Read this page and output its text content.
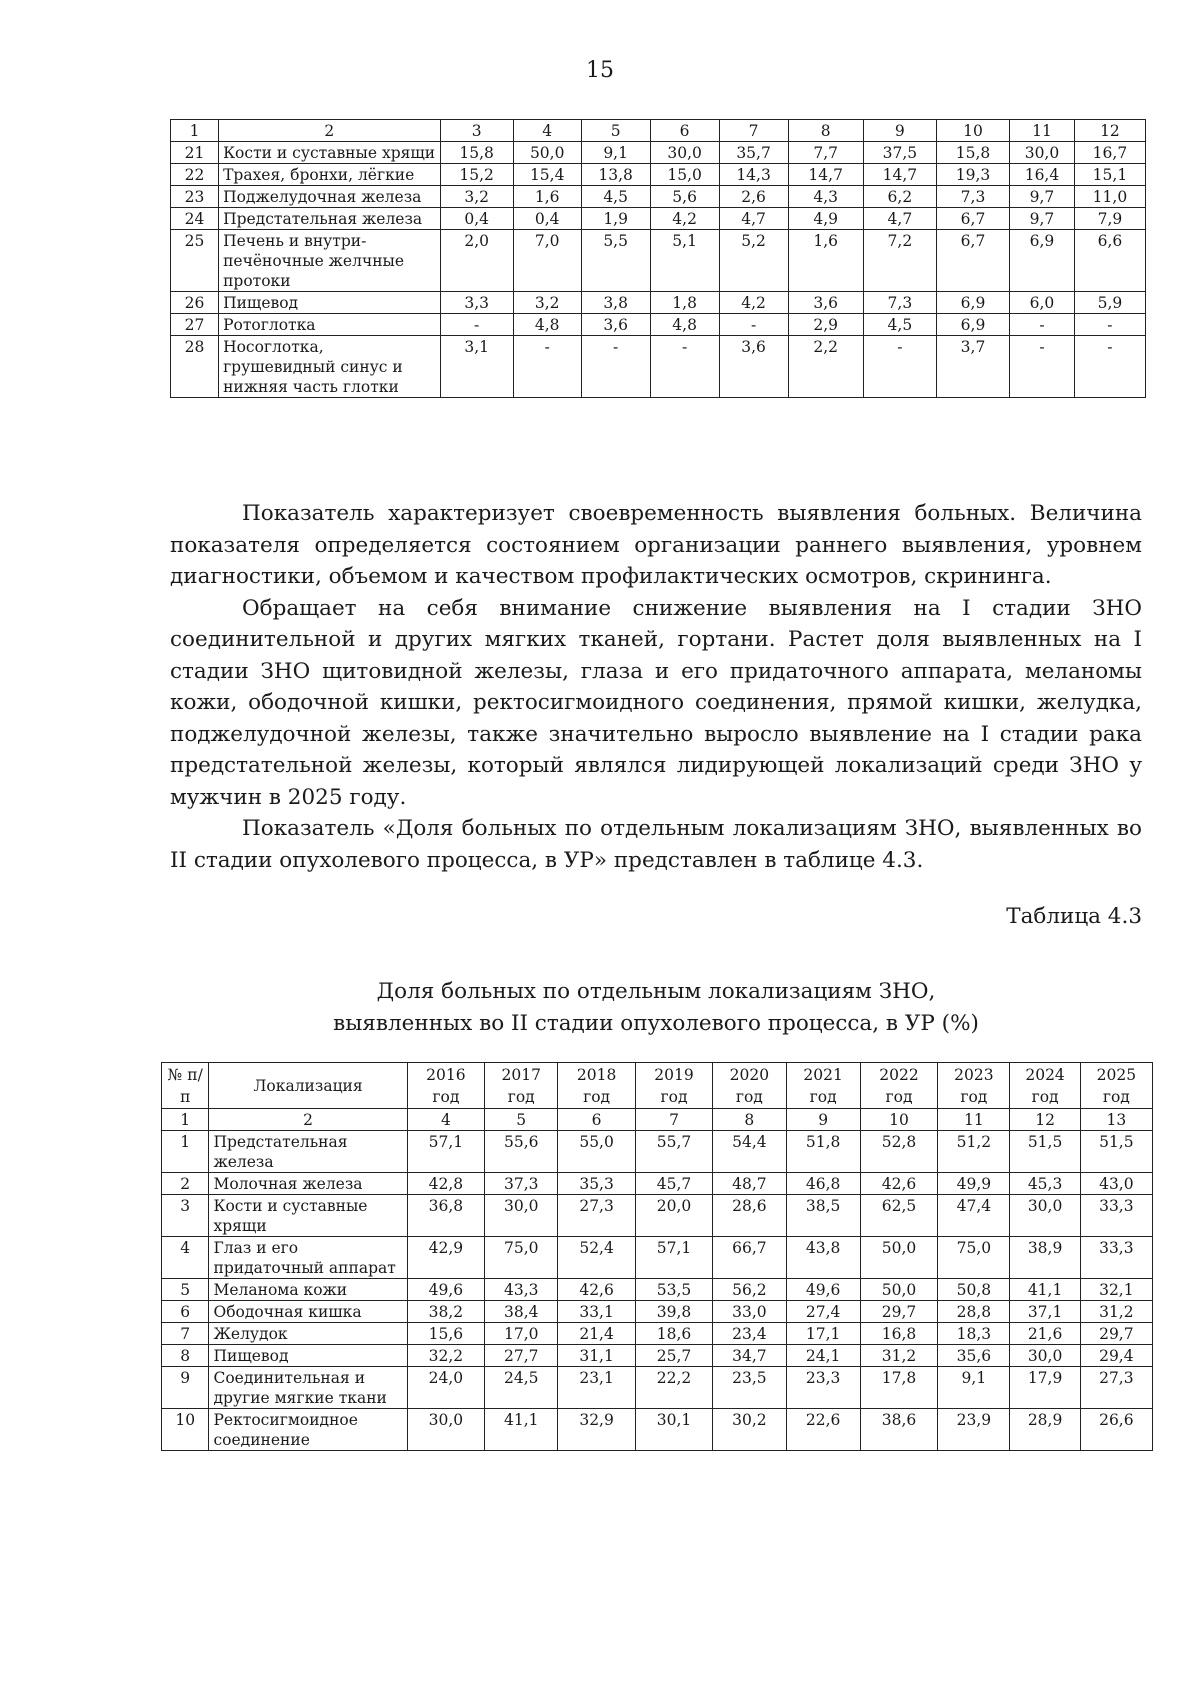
15
1	2	3	4	5	6	7	8	9	10	11	12
21	Кости и суставные хрящи	15,8	50,0	9,1	30,0	35,7	7,7	37,5	15,8	30,0	16,7
22	Трахея, бронхи, лёгкие	15,2	15,4	13,8	15,0	14,3	14,7	14,7	19,3	16,4	15,1
23	Поджелудочная железа	3,2	1,6	4,5	5,6	2,6	4,3	6,2	7,3	9,7	11,0
24	Предстательная железа	0,4	0,4	1,9	4,2	4,7	4,9	4,7	6,7	9,7	7,9
25	Печень и внутри- печёночные желчные протоки	2,0	7,0	5,5	5,1	5,2	1,6	7,2	6,7	6,9	6,6
26	Пищевод	3,3	3,2	3,8	1,8	4,2	3,6	7,3	6,9	6,0	5,9
27	Ротоглотка	-	4,8	3,6	4,8	-	2,9	4,5	6,9	-	-
28	Носоглотка, грушевидный синус и нижняя часть глотки	3,1	-	-	-	3,6	2,2	-	3,7	-	-

Показатель характеризует своевременность выявления больных. Величина показателя определяется состоянием организации раннего выявления, уровнем диагностики, объемом и качеством профилактических осмотров, скрининга.

Обращает на себя внимание снижение выявления на I стадии ЗНО соединительной и других мягких тканей, гортани. Растет доля выявленных на I стадии ЗНО щитовидной железы, глаза и его придаточного аппарата, меланомы кожи, ободочной кишки, ректосигмоидного соединения, прямой кишки, желудка, поджелудочной железы, также значительно выросло выявление на I стадии рака предстательной железы, который являлся лидирующей локализаций среди ЗНО у мужчин в 2025 году.

Показатель «Доля больных по отдельным локализациям ЗНО, выявленных во II стадии опухолевого процесса, в УР» представлен в таблице 4.3.

Таблица 4.3
Доля больных по отдельным локализациям ЗНО,
выявленных во II стадии опухолевого процесса, в УР (%)
№ п/п	Локализация	2016 год	2017 год	2018 год	2019 год	2020 год	2021 год	2022 год	2023 год	2024 год	2025 год
1	2	4	5	6	7	8	9	10	11	12	13
1	Предстательная железа	57,1	55,6	55,0	55,7	54,4	51,8	52,8	51,2	51,5	51,5
2	Молочная железа	42,8	37,3	35,3	45,7	48,7	46,8	42,6	49,9	45,3	43,0
3	Кости и суставные хрящи	36,8	30,0	27,3	20,0	28,6	38,5	62,5	47,4	30,0	33,3
4	Глаз и его придаточный аппарат	42,9	75,0	52,4	57,1	66,7	43,8	50,0	75,0	38,9	33,3
5	Меланома кожи	49,6	43,3	42,6	53,5	56,2	49,6	50,0	50,8	41,1	32,1
6	Ободочная кишка	38,2	38,4	33,1	39,8	33,0	27,4	29,7	28,8	37,1	31,2
7	Желудок	15,6	17,0	21,4	18,6	23,4	17,1	16,8	18,3	21,6	29,7
8	Пищевод	32,2	27,7	31,1	25,7	34,7	24,1	31,2	35,6	30,0	29,4
9	Соединительная и другие мягкие ткани	24,0	24,5	23,1	22,2	23,5	23,3	17,8	9,1	17,9	27,3
10	Ректосигмоидное соединение	30,0	41,1	32,9	30,1	30,2	22,6	38,6	23,9	28,9	26,6
